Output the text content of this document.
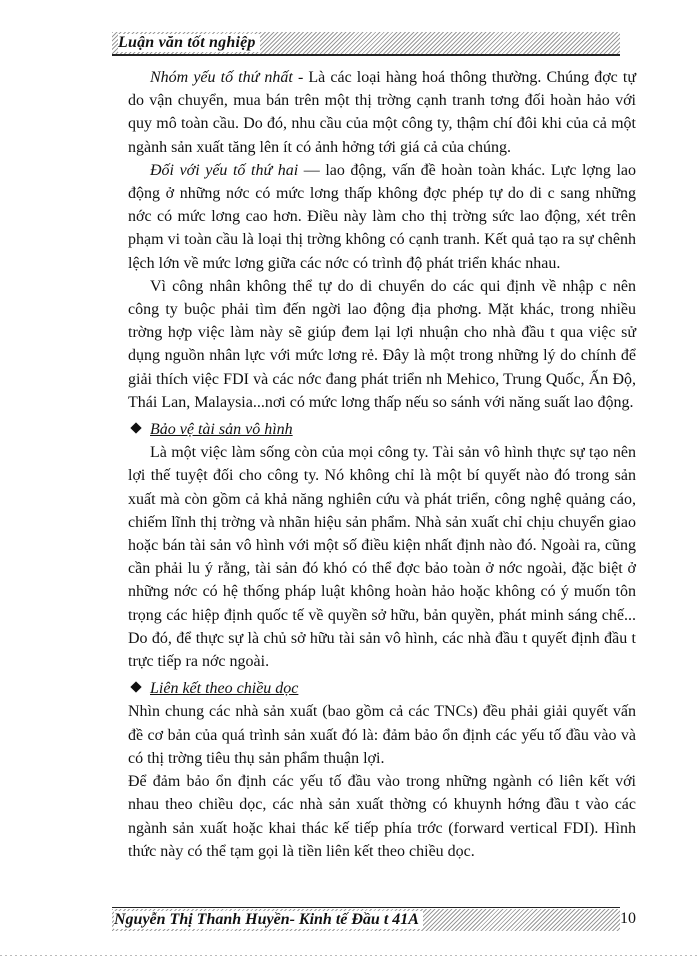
Luận văn tốt nghiệp

Nhóm yếu tố thứ nhất - Là các loại hàng hoá thông thường. Chúng đợc tự do vận chuyển, mua bán trên một thị trờng cạnh tranh tơng đối hoàn hảo với quy mô toàn cầu. Do đó, nhu cầu của một công ty, thậm chí đôi khi của cả một ngành sản xuất tăng lên ít có ảnh hởng tới giá cả của chúng.

Đối với yếu tố thứ hai — lao động, vấn đề hoàn toàn khác. Lực lợng lao động ở những nớc có mức lơng thấp không đợc phép tự do di c sang những nớc có mức lơng cao hơn. Điều này làm cho thị trờng sức lao động, xét trên phạm vi toàn cầu là loại thị trờng không có cạnh tranh. Kết quả tạo ra sự chênh lệch lớn về mức lơng giữa các nớc có trình độ phát triển khác nhau.

Vì công nhân không thể tự do di chuyển do các qui định về nhập c nên công ty buộc phải tìm đến ngời lao động địa phơng. Mặt khác, trong nhiều trờng hợp việc làm này sẽ giúp đem lại lợi nhuận cho nhà đầu t qua việc sử dụng nguồn nhân lực với mức lơng rẻ. Đây là một trong những lý do chính để giải thích việc FDI và các nớc đang phát triển nh Mehico, Trung Quốc, Ấn Độ, Thái Lan, Malaysia...nơi có mức lơng thấp nếu so sánh với năng suất lao động.

Bảo vệ tài sản vô hình

Là một việc làm sống còn của mọi công ty. Tài sản vô hình thực sự tạo nên lợi thế tuyệt đối cho công ty. Nó không chỉ là một bí quyết nào đó trong sản xuất mà còn gồm cả khả năng nghiên cứu và phát triển, công nghệ quảng cáo, chiếm lĩnh thị trờng và nhãn hiệu sản phẩm. Nhà sản xuất chỉ chịu chuyển giao hoặc bán tài sản vô hình với một số điều kiện nhất định nào đó. Ngoài ra, cũng cần phải lu ý rằng, tài sản đó khó có thể đợc bảo toàn ở nớc ngoài, đặc biệt ở những nớc có hệ thống pháp luật không hoàn hảo hoặc không có ý muốn tôn trọng các hiệp định quốc tế về quyền sở hữu, bản quyền, phát minh sáng chế... Do đó, để thực sự là chủ sở hữu tài sản vô hình, các nhà đầu t quyết định đầu t trực tiếp ra nớc ngoài.

Liên kết theo chiều dọc

Nhìn chung các nhà sản xuất (bao gồm cả các TNCs) đều phải giải quyết vấn đề cơ bản của quá trình sản xuất đó là: đảm bảo ổn định các yếu tố đầu vào và có thị trờng tiêu thụ sản phẩm thuận lợi.

Để đảm bảo ổn định các yếu tố đầu vào trong những ngành có liên kết với nhau theo chiều dọc, các nhà sản xuất thờng có khuynh hớng đầu t vào các ngành sản xuất hoặc khai thác kế tiếp phía trớc (forward vertical FDI). Hình thức này có thể tạm gọi là tiền liên kết theo chiều dọc.

Nguyễn Thị Thanh Huyền- Kinh tế Đầu t 41A	10
